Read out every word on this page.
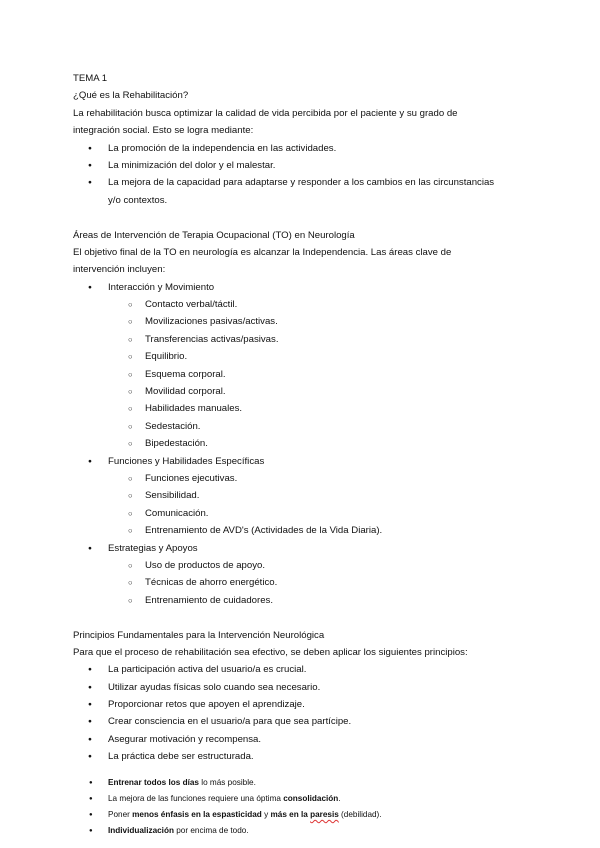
TEMA 1
¿Qué es la Rehabilitación?
La rehabilitación busca optimizar la calidad de vida percibida por el paciente y su grado de
integración social. Esto se logra mediante:
● La promoción de la independencia en las actividades.
● La minimización del dolor y el malestar.
● La mejora de la capacidad para adaptarse y responder a los cambios en las circunstancias
y/o contextos.
Áreas de Intervención de Terapia Ocupacional (TO) en Neurología
El objetivo final de la TO en neurología es alcanzar la Independencia. Las áreas clave de
intervención incluyen:
● Interacción y Movimiento
○ Contacto verbal/táctil.
○ Movilizaciones pasivas/activas.
○ Transferencias activas/pasivas.
○ Equilibrio.
○ Esquema corporal.
○ Movilidad corporal.
○ Habilidades manuales.
○ Sedestación.
○ Bipedestación.
● Funciones y Habilidades Específicas
○ Funciones ejecutivas.
○ Sensibilidad.
○ Comunicación.
○ Entrenamiento de AVD's (Actividades de la Vida Diaria).
● Estrategias y Apoyos
○ Uso de productos de apoyo.
○ Técnicas de ahorro energético.
○ Entrenamiento de cuidadores.
Principios Fundamentales para la Intervención Neurológica
Para que el proceso de rehabilitación sea efectivo, se deben aplicar los siguientes principios:
● La participación activa del usuario/a es crucial.
● Utilizar ayudas físicas solo cuando sea necesario.
● Proporcionar retos que apoyen el aprendizaje.
● Crear consciencia en el usuario/a para que sea partícipe.
● Asegurar motivación y recompensa.
● La práctica debe ser estructurada.
● Entrenar todos los días lo más posible.
● La mejora de las funciones requiere una óptima consolidación.
● Poner menos énfasis en la espasticidad y más en la paresis (debilidad).
● Individualización por encima de todo.
